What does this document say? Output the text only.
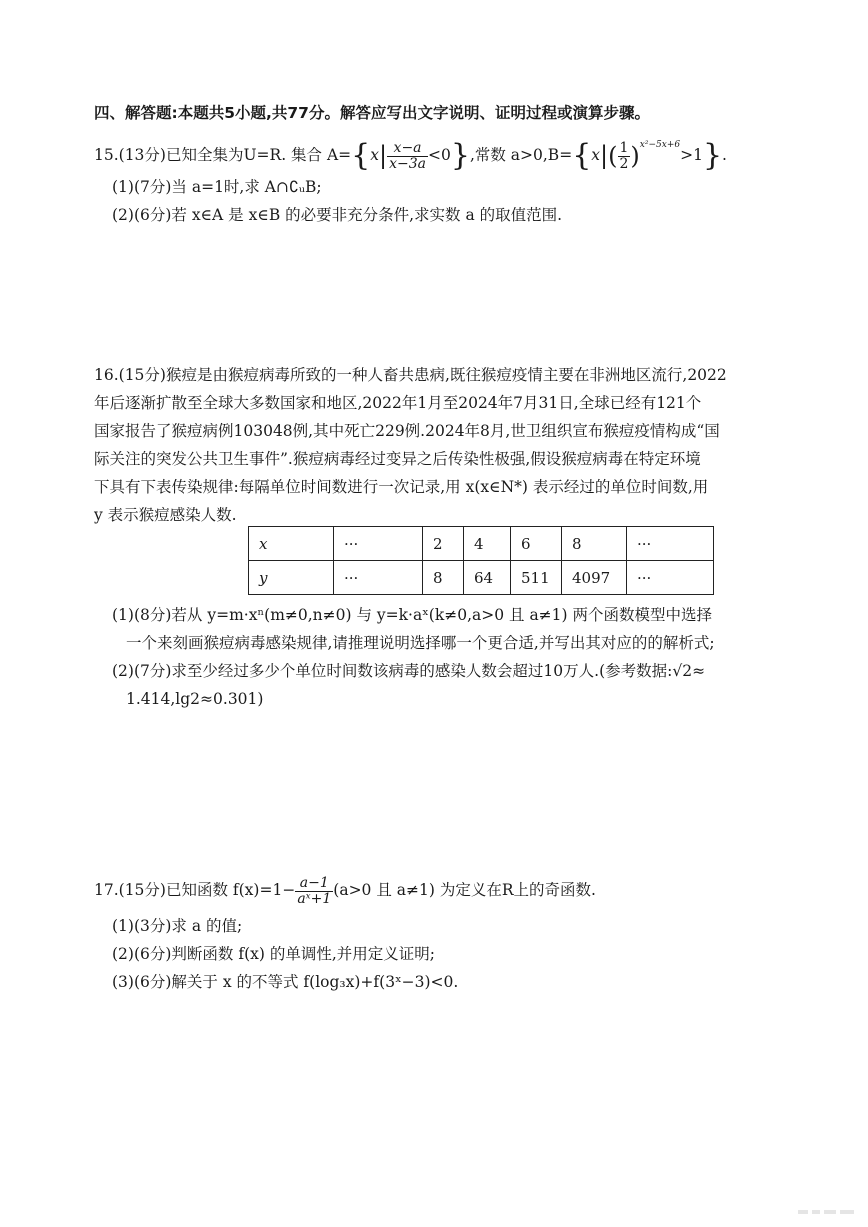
四、解答题:本题共5小题,共77分。解答应写出文字说明、证明过程或演算步骤。
15.(13分)已知全集为U=R. 集合 $A=\{x| \frac{x-a}{x-3a} <0\}$,常数 $a>0,B=\{x|( \frac{1}{2} )^{x^2-5x+6}>1\}$.
(1)(7分)当 a=1时,求 A∩∁ᵤB;
(2)(6分)若 x∈A 是 x∈B 的必要非充分条件,求实数 a 的取值范围.
16.(15分)猴痘是由猴痘病毒所致的一种人畜共患病,既往猴痘疫情主要在非洲地区流行,2022
年后逐渐扩散至全球大多数国家和地区,2022年1月至2024年7月31日,全球已经有121个
国家报告了猴痘病例103048例,其中死亡229例.2024年8月,世卫组织宣布猴痘疫情构成“国
际关注的突发公共卫生事件”.猴痘病毒经过变异之后传染性极强,假设猴痘病毒在特定环境
下具有下表传染规律:每隔单位时间数进行一次记录,用 x(x∈N*) 表示经过的单位时间数,用
y 表示猴痘感染人数.
x	···	2	4	6	8	···
y	···	8	64	511	4097	···
(1)(8分)若从 y=m·xⁿ(m≠0,n≠0) 与 y=k·aˣ(k≠0,a>0 且 a≠1) 两个函数模型中选择
一个来刻画猴痘病毒感染规律,请推理说明选择哪一个更合适,并写出其对应的的解析式;
(2)(7分)求至少经过多少个单位时间数该病毒的感染人数会超过10万人.(参考数据:√2≈
1.414,lg2≈0.301)
17.(15分)已知函数 $f(x)=1- \frac{a-1}{\text{aˣ+1}} (a>0$ 且 a≠1) 为定义在R上的奇函数.
(1)(3分)求 a 的值;
(2)(6分)判断函数 f(x) 的单调性,并用定义证明;
(3)(6分)解关于 x 的不等式 f(log₃x)+f(3ˣ−3)<0.
